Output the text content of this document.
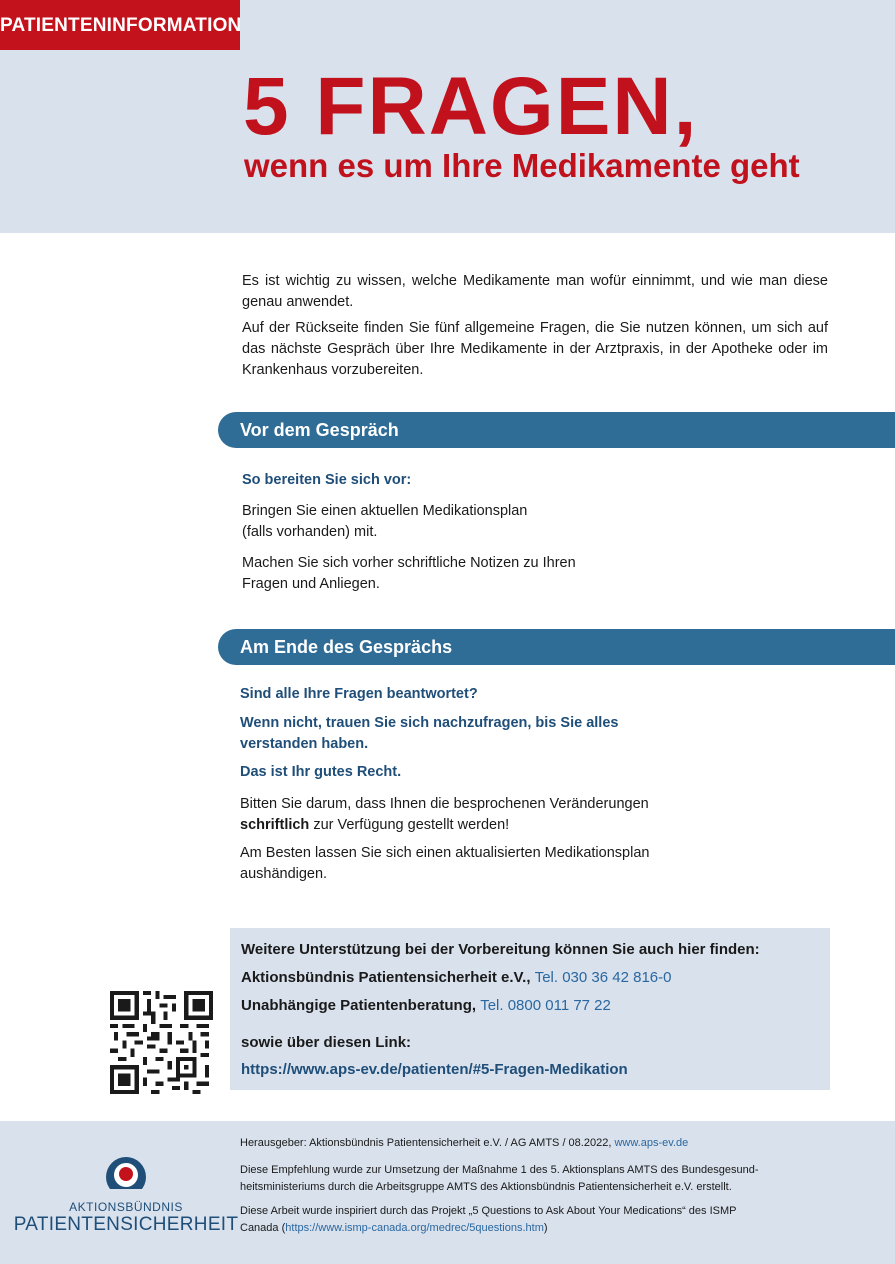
PATIENTENINFORMATION
5 FRAGEN,
wenn es um Ihre Medikamente geht
Es ist wichtig zu wissen, welche Medikamente man wofür einnimmt, und wie man diese genau anwendet.
Auf der Rückseite finden Sie fünf allgemeine Fragen, die Sie nutzen können, um sich auf das nächste Gespräch über Ihre Medikamente in der Arztpraxis, in der Apotheke oder im Krankenhaus vorzubereiten.
Vor dem Gespräch
So bereiten Sie sich vor:
Bringen Sie einen aktuellen Medikationsplan
(falls vorhanden) mit.
Machen Sie sich vorher schriftliche Notizen zu Ihren
Fragen und Anliegen.
Am Ende des Gesprächs
Sind alle Ihre Fragen beantwortet?
Wenn nicht, trauen Sie sich nachzufragen, bis Sie alles
verstanden haben.
Das ist Ihr gutes Recht.
Bitten Sie darum, dass Ihnen die besprochenen Veränderungen
schriftlich zur Verfügung gestellt werden!
Am Besten lassen Sie sich einen aktualisierten Medikationsplan
aushändigen.
Weitere Unterstützung bei der Vorbereitung können Sie auch hier finden:
Aktionsbündnis Patientensicherheit e.V., Tel. 030 36 42 816-0
Unabhängige Patientenberatung, Tel. 0800 011 77 22
sowie über diesen Link:
https://www.aps-ev.de/patienten/#5-Fragen-Medikation
Herausgeber: Aktionsbündnis Patientensicherheit e.V. / AG AMTS / 08.2022, www.aps-ev.de
Diese Empfehlung wurde zur Umsetzung der Maßnahme 1 des 5. Aktionsplans AMTS des Bundesgesund-
heitsministeriums durch die Arbeitsgruppe AMTS des Aktionsbündnis Patientensicherheit e.V. erstellt.
Diese Arbeit wurde inspiriert durch das Projekt „5 Questions to Ask About Your Medications“ des ISMP
Canada (https://www.ismp-canada.org/medrec/5questions.htm)
AKTIONSBÜNDNIS
PATIENTENSICHERHEIT
